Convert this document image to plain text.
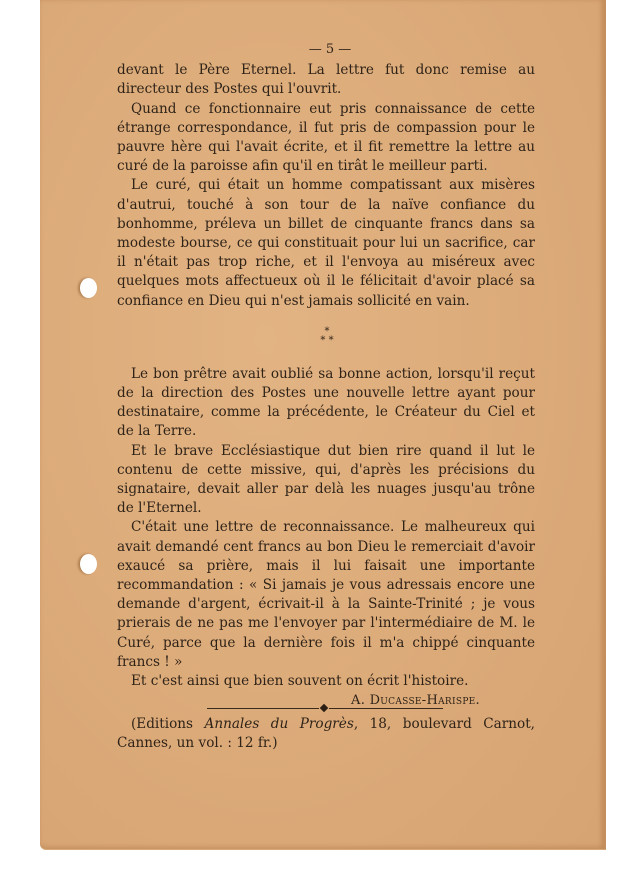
— 5 —

devant le Père Eternel. La lettre fut donc remise au directeur des Postes qui l'ouvrit.

Quand ce fonctionnaire eut pris connaissance de cette étrange correspondance, il fut pris de compassion pour le pauvre hère qui l'avait écrite, et il fit remettre la lettre au curé de la paroisse afin qu'il en tirât le meilleur parti.

Le curé, qui était un homme compatissant aux misères d'autrui, touché à son tour de la naïve confiance du bonhomme, préleva un billet de cinquante francs dans sa modeste bourse, ce qui constituait pour lui un sacrifice, car il n'était pas trop riche, et il l'envoya au miséreux avec quelques mots affectueux où il le félicitait d'avoir placé sa confiance en Dieu qui n'est jamais sollicité en vain.

*
* *

Le bon prêtre avait oublié sa bonne action, lorsqu'il reçut de la direction des Postes une nouvelle lettre ayant pour destinataire, comme la précédente, le Créateur du Ciel et de la Terre.

Et le brave Ecclésiastique dut bien rire quand il lut le contenu de cette missive, qui, d'après les précisions du signataire, devait aller par delà les nuages jusqu'au trône de l'Eternel.

C'était une lettre de reconnaissance. Le malheureux qui avait demandé cent francs au bon Dieu le remerciait d'avoir exaucé sa prière, mais il lui faisait une importante recommandation : « Si jamais je vous adressais encore une demande d'argent, écrivait-il à la Sainte-Trinité ; je vous prierais de ne pas me l'envoyer par l'intermédiaire de M. le Curé, parce que la dernière fois il m'a chippé cinquante francs ! »

Et c'est ainsi que bien souvent on écrit l'histoire.

A. Ducasse-Harispe.

(Editions Annales du Progrès, 18, boulevard Carnot, Cannes, un vol. : 12 fr.)
